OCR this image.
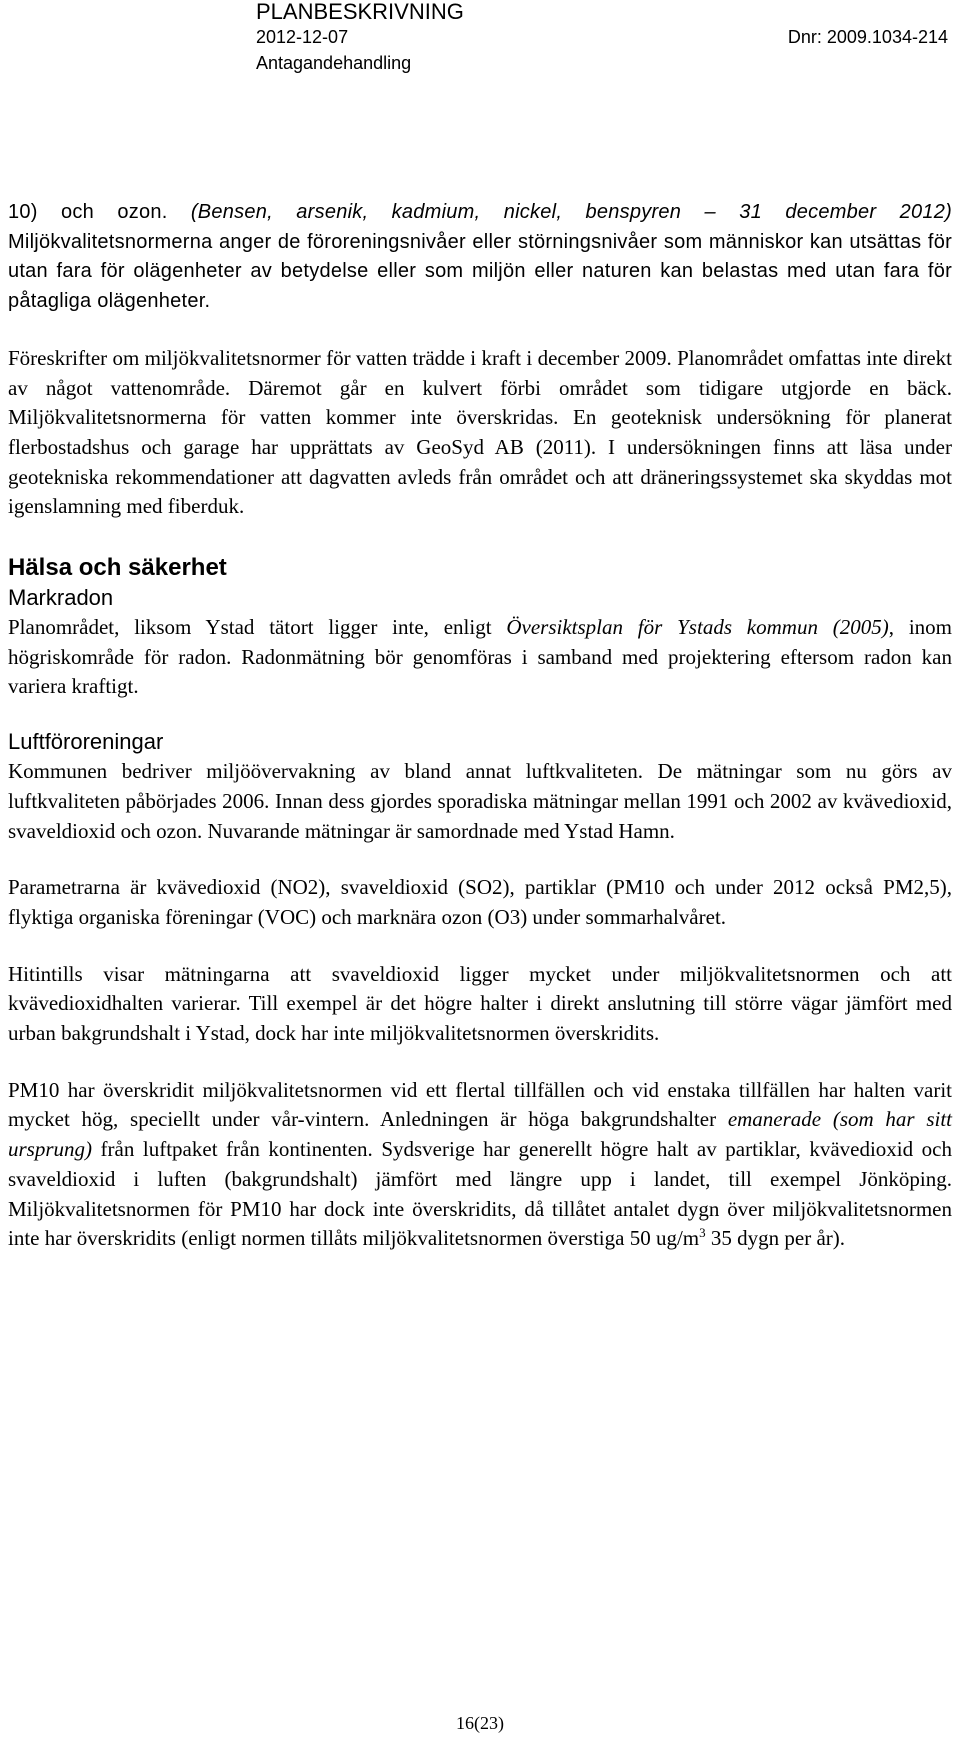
PLANBESKRIVNING
2012-12-07	Dnr: 2009.1034-214
Antagandehandling

10) och ozon. (Bensen, arsenik, kadmium, nickel, benspyren – 31 december 2012) Miljökvalitetsnormerna anger de föroreningsnivåer eller störningsnivåer som människor kan utsättas för utan fara för olägenheter av betydelse eller som miljön eller naturen kan belastas med utan fara för påtagliga olägenheter.

Föreskrifter om miljökvalitetsnormer för vatten trädde i kraft i december 2009. Planområdet omfattas inte direkt av något vattenområde. Däremot går en kulvert förbi området som tidigare utgjorde en bäck. Miljökvalitetsnormerna för vatten kommer inte överskridas. En geoteknisk undersökning för planerat flerbostadshus och garage har upprättats av GeoSyd AB (2011). I undersökningen finns att läsa under geotekniska rekommendationer att dagvatten avleds från området och att dräneringssystemet ska skyddas mot igenslamning med fiberduk.

Hälsa och säkerhet
Markradon

Planområdet, liksom Ystad tätort ligger inte, enligt Översiktsplan för Ystads kommun (2005), inom högriskområde för radon. Radonmätning bör genomföras i samband med projektering eftersom radon kan variera kraftigt.

Luftföroreningar

Kommunen bedriver miljöövervakning av bland annat luftkvaliteten. De mätningar som nu görs av luftkvaliteten påbörjades 2006. Innan dess gjordes sporadiska mätningar mellan 1991 och 2002 av kvävedioxid, svaveldioxid och ozon. Nuvarande mätningar är samordnade med Ystad Hamn.

Parametrarna är kvävedioxid (NO2), svaveldioxid (SO2), partiklar (PM10 och under 2012 också PM2,5), flyktiga organiska föreningar (VOC) och marknära ozon (O3) under sommarhalvåret.

Hitintills visar mätningarna att svaveldioxid ligger mycket under miljökvalitetsnormen och att kvävedioxidhalten varierar. Till exempel är det högre halter i direkt anslutning till större vägar jämfört med urban bakgrundshalt i Ystad, dock har inte miljökvalitetsnormen överskridits.

PM10 har överskridit miljökvalitetsnormen vid ett flertal tillfällen och vid enstaka tillfällen har halten varit mycket hög, speciellt under vår-vintern. Anledningen är höga bakgrundshalter emanerade (som har sitt ursprung) från luftpaket från kontinenten. Sydsverige har generellt högre halt av partiklar, kvävedioxid och svaveldioxid i luften (bakgrundshalt) jämfört med längre upp i landet, till exempel Jönköping. Miljökvalitetsnormen för PM10 har dock inte överskridits, då tillåtet antalet dygn över miljökvalitetsnormen inte har överskridits (enligt normen tillåts miljökvalitetsnormen överstiga 50 $ug/m^3$ 35 dygn per år).

16(23)
